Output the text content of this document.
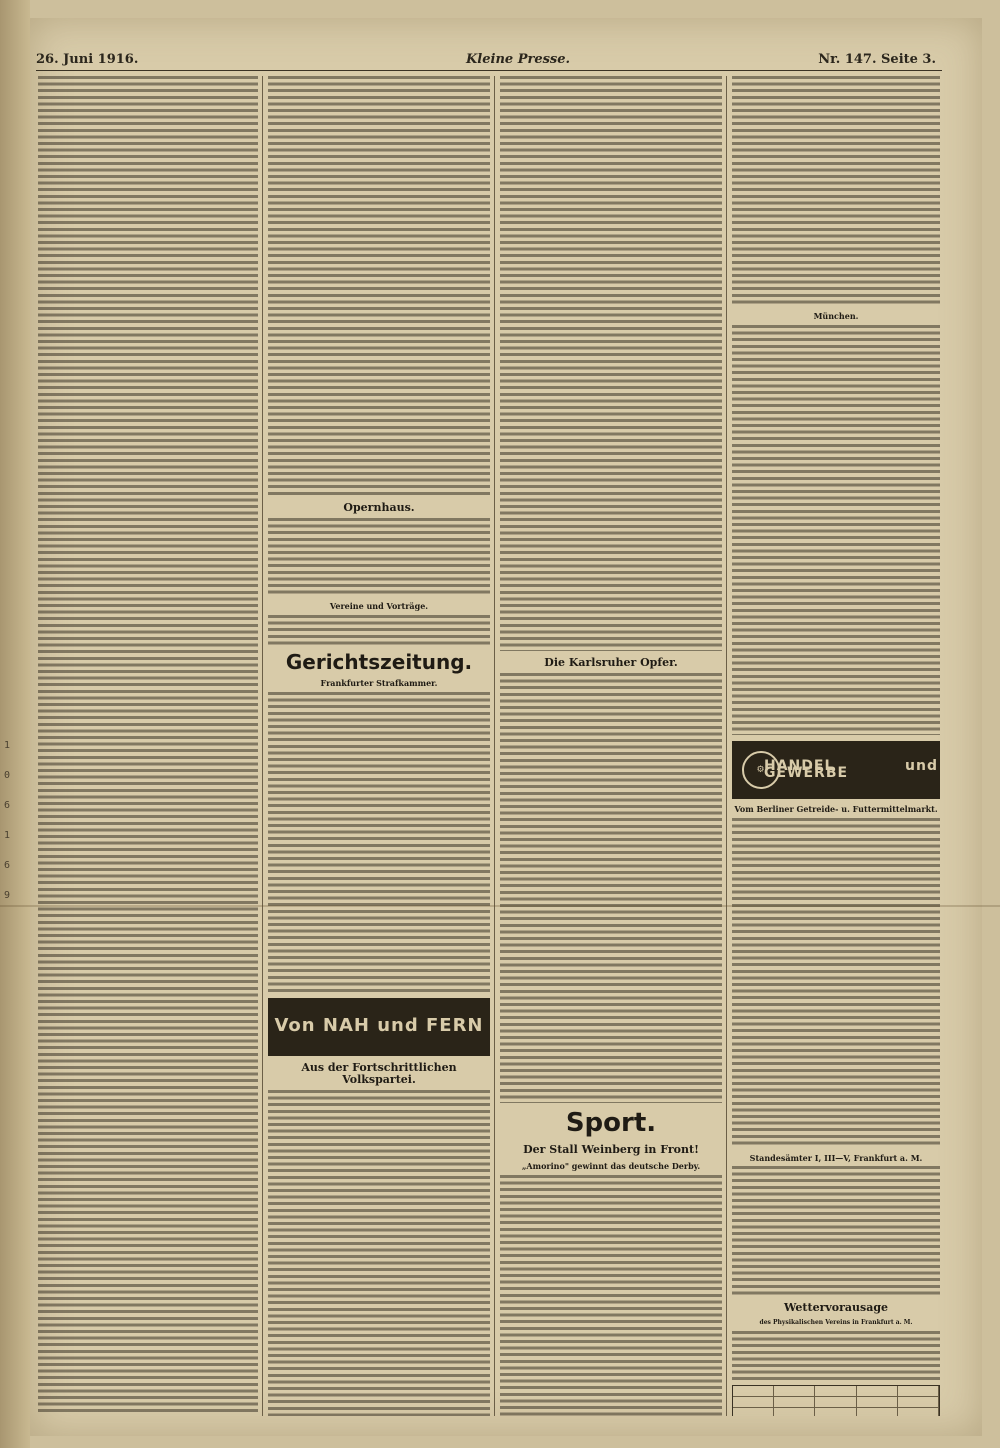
1
0
6
1
6
9
26. Juni 1916.	Kleine Presse.	Nr. 147. Seite 3.
Opernhaus.
Vereine und Vorträge.
Gerichtszeitung.
Frankfurter Strafkammer.
Von NAH und FERN
Aus der Fortschrittlichen Volkspartei.
Die Karlsruher Opfer.
Sport.
Der Stall Weinberg in Front!
„Amorino" gewinnt das deutsche Derby.
München.
⚙
HANDEL und GEWERBE
Vom Berliner Getreide- u. Futtermittelmarkt.
Standesämter I, III—V, Frankfurt a. M.
Wettervorausage
des Physikalischen Vereins in Frankfurt a. M.
